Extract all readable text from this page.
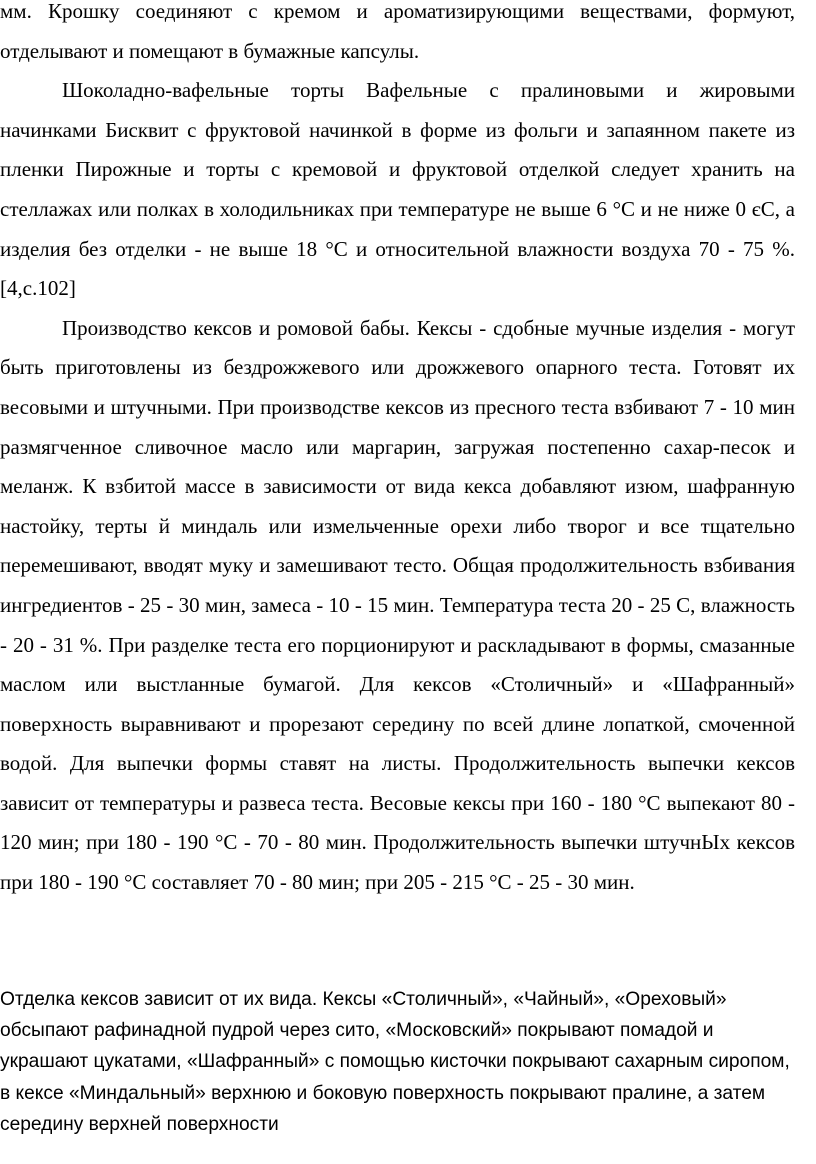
мм. Крошку соединяют с кремом и ароматизирующими веществами, формуют, отделывают и помещают в бумажные капсулы.

Шоколадно-вафельные торты Вафельные с пралиновыми и жировыми начинками Бисквит с фруктовой начинкой в форме из фольги и запаянном пакете из пленки Пирожные и торты с кремовой и фруктовой отделкой следует хранить на стеллажах или полках в холодильниках при температуре не выше 6 °С и не ниже 0 єС, а изделия без отделки - не выше 18 °С и относительной влажности воздуха 70 - 75 %.[4,с.102]

Производство кексов и ромовой бабы. Кексы - сдобные мучные изделия - могут быть приготовлены из бездрожжевого или дрожжевого опарного теста. Готовят их весовыми и штучными. При производстве кексов из пресного теста взбивают 7 - 10 мин размягченное сливочное масло или маргарин, загружая постепенно сахар-песок и меланж. К взбитой массе в зависимости от вида кекса добавляют изюм, шафранную настойку, терты й миндаль или измельченные орехи либо творог и все тщательно перемешивают, вводят муку и замешивают тесто. Общая продолжительность взбивания ингредиентов - 25 - 30 мин, замеса - 10 - 15 мин. Температура теста 20 - 25 С, влажность - 20 - 31 %. При разделке теста его порционируют и раскладывают в формы, смазанные маслом или выстланные бумагой. Для кексов «Столичный» и «Шафранный» поверхность выравнивают и прорезают середину по всей длине лопаткой, смоченной водой. Для выпечки формы ставят на листы. Продолжительность выпечки кексов зависит от температуры и развеса теста. Весовые кексы при 160 - 180 °С выпекают 80 - 120 мин; при 180 - 190 °С - 70 - 80 мин. Продолжительность выпечки штучнЫх кексов при 180 - 190 °С составляет 70 - 80 мин; при 205 - 215 °С - 25 - 30 мин.

Отделка кексов зависит от их вида. Кексы «Столичный», «Чайный», «Ореховый» обсыпают рафинадной пудрой через сито, «Московский» покрывают помадой и украшают цукатами, «Шафранный» с помощью кисточки покрывают сахарным сиропом, в кексе «Миндальный» верхнюю и боковую поверхность покрывают пралине, а затем середину верхней поверхности
